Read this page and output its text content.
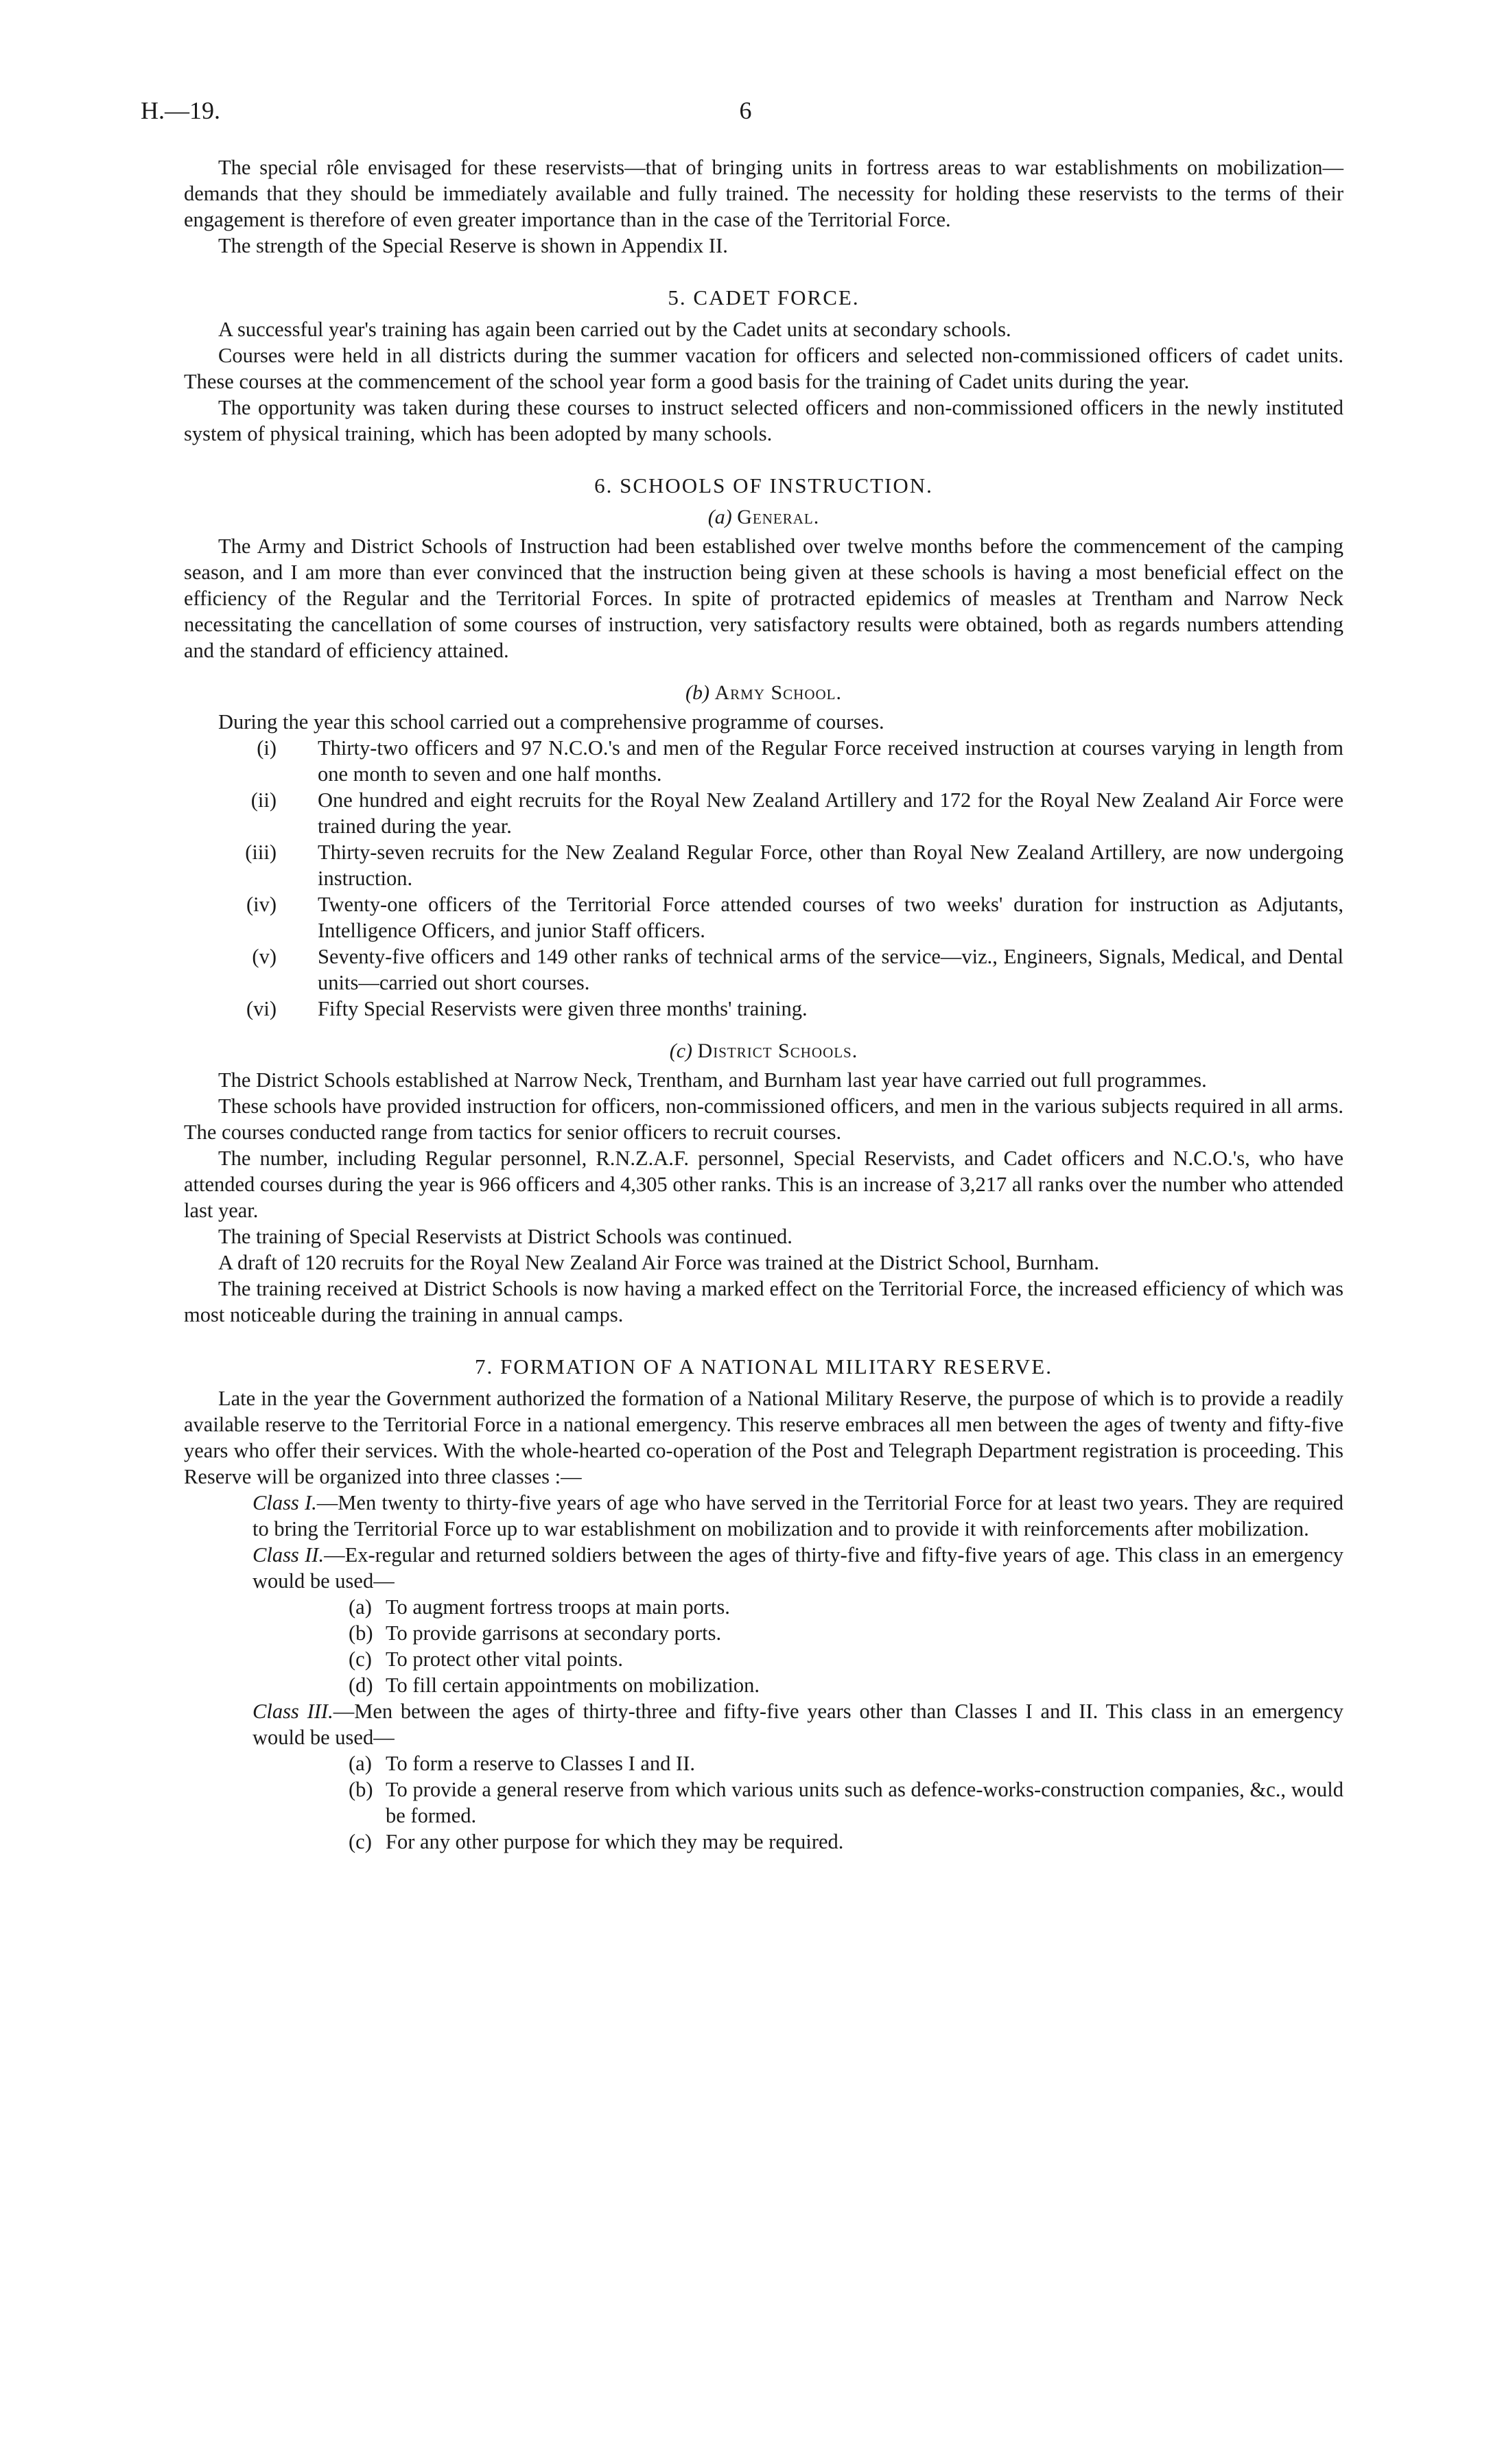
H.—19.	6

The special rôle envisaged for these reservists—that of bringing units in fortress areas to war establishments on mobilization—demands that they should be immediately available and fully trained. The necessity for holding these reservists to the terms of their engagement is therefore of even greater importance than in the case of the Territorial Force.

The strength of the Special Reserve is shown in Appendix II.

5. CADET FORCE.

A successful year's training has again been carried out by the Cadet units at secondary schools.

Courses were held in all districts during the summer vacation for officers and selected non-commissioned officers of cadet units. These courses at the commencement of the school year form a good basis for the training of Cadet units during the year.

The opportunity was taken during these courses to instruct selected officers and non-commissioned officers in the newly instituted system of physical training, which has been adopted by many schools.

6. SCHOOLS OF INSTRUCTION.
(a) General.

The Army and District Schools of Instruction had been established over twelve months before the commencement of the camping season, and I am more than ever convinced that the instruction being given at these schools is having a most beneficial effect on the efficiency of the Regular and the Territorial Forces. In spite of protracted epidemics of measles at Trentham and Narrow Neck necessitating the cancellation of some courses of instruction, very satisfactory results were obtained, both as regards numbers attending and the standard of efficiency attained.

(b) Army School.

During the year this school carried out a comprehensive programme of courses.

(i) Thirty-two officers and 97 N.C.O.'s and men of the Regular Force received instruction at courses varying in length from one month to seven and one half months.
(ii) One hundred and eight recruits for the Royal New Zealand Artillery and 172 for the Royal New Zealand Air Force were trained during the year.
(iii) Thirty-seven recruits for the New Zealand Regular Force, other than Royal New Zealand Artillery, are now undergoing instruction.
(iv) Twenty-one officers of the Territorial Force attended courses of two weeks' duration for instruction as Adjutants, Intelligence Officers, and junior Staff officers.
(v) Seventy-five officers and 149 other ranks of technical arms of the service—viz., Engineers, Signals, Medical, and Dental units—carried out short courses.
(vi) Fifty Special Reservists were given three months' training.
(c) District Schools.

The District Schools established at Narrow Neck, Trentham, and Burnham last year have carried out full programmes.

These schools have provided instruction for officers, non-commissioned officers, and men in the various subjects required in all arms. The courses conducted range from tactics for senior officers to recruit courses.

The number, including Regular personnel, R.N.Z.A.F. personnel, Special Reservists, and Cadet officers and N.C.O.'s, who have attended courses during the year is 966 officers and 4,305 other ranks. This is an increase of 3,217 all ranks over the number who attended last year.

The training of Special Reservists at District Schools was continued.

A draft of 120 recruits for the Royal New Zealand Air Force was trained at the District School, Burnham.

The training received at District Schools is now having a marked effect on the Territorial Force, the increased efficiency of which was most noticeable during the training in annual camps.

7. FORMATION OF A NATIONAL MILITARY RESERVE.

Late in the year the Government authorized the formation of a National Military Reserve, the purpose of which is to provide a readily available reserve to the Territorial Force in a national emergency. This reserve embraces all men between the ages of twenty and fifty-five years who offer their services. With the whole-hearted co-operation of the Post and Telegraph Department registration is proceeding. This Reserve will be organized into three classes :—

Class I.—Men twenty to thirty-five years of age who have served in the Territorial Force for at least two years. They are required to bring the Territorial Force up to war establishment on mobilization and to provide it with reinforcements after mobilization.
Class II.—Ex-regular and returned soldiers between the ages of thirty-five and fifty-five years of age. This class in an emergency would be used—
(a) To augment fortress troops at main ports.
(b) To provide garrisons at secondary ports.
(c) To protect other vital points.
(d) To fill certain appointments on mobilization.
Class III.—Men between the ages of thirty-three and fifty-five years other than Classes I and II. This class in an emergency would be used—
(a) To form a reserve to Classes I and II.
(b) To provide a general reserve from which various units such as defence-works-construction companies, &c., would be formed.
(c) For any other purpose for which they may be required.
